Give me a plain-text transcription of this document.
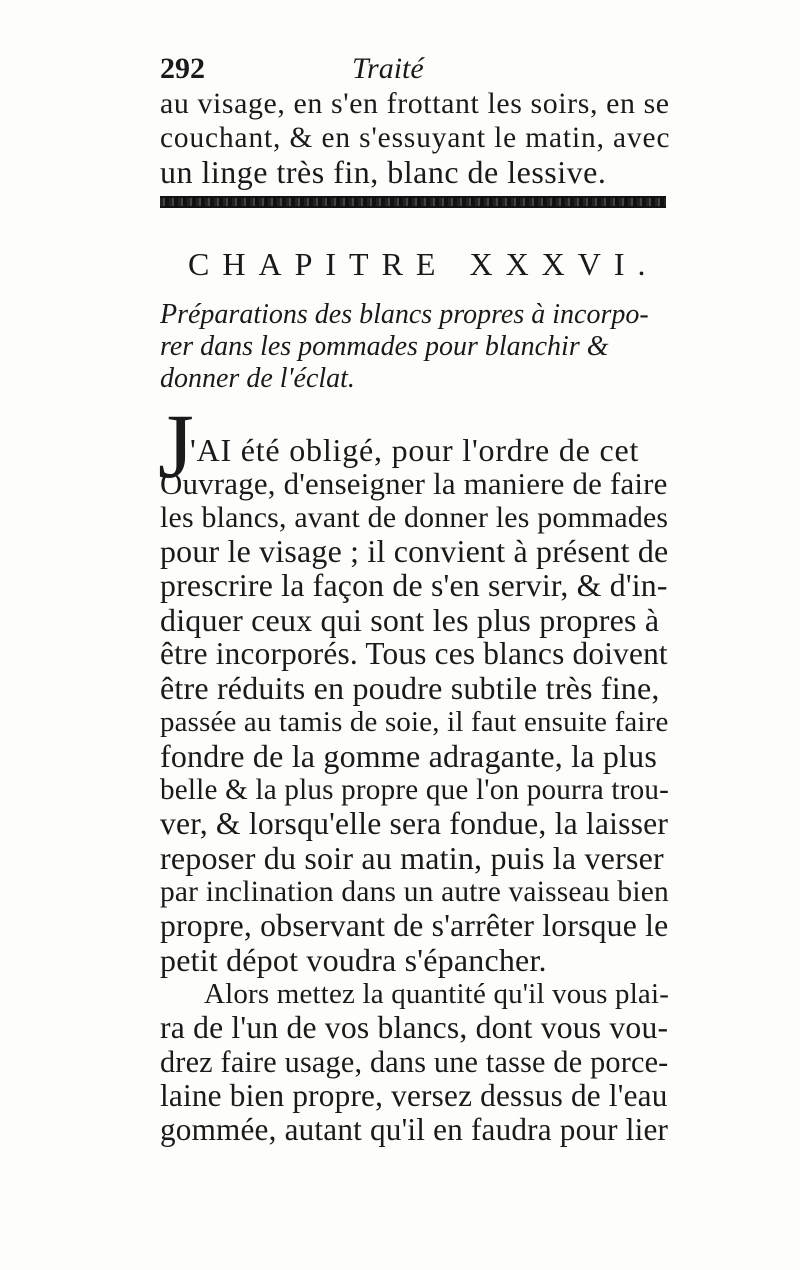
292	Traité
au visage, en s'en frottant les soirs, en se
couchant, & en s'essuyant le matin, avec
un linge très fin, blanc de lessive.
CHAPITRE XXXVI.
Préparations des blancs propres à incorpo-
rer dans les pommades pour blanchir &
donner de l'éclat.
J
'AI été obligé, pour l'ordre de cet
Ouvrage, d'enseigner la maniere de faire
les blancs, avant de donner les pommades
pour le visage ; il convient à présent de
prescrire la façon de s'en servir, & d'in-
diquer ceux qui sont les plus propres à
être incorporés. Tous ces blancs doivent
être réduits en poudre subtile très fine,
passée au tamis de soie, il faut ensuite faire
fondre de la gomme adragante, la plus
belle & la plus propre que l'on pourra trou-
ver, & lorsqu'elle sera fondue, la laisser
reposer du soir au matin, puis la verser
par inclination dans un autre vaisseau bien
propre, observant de s'arrêter lorsque le
petit dépot voudra s'épancher.
Alors mettez la quantité qu'il vous plai-
ra de l'un de vos blancs, dont vous vou-
drez faire usage, dans une tasse de porce-
laine bien propre, versez dessus de l'eau
gommée, autant qu'il en faudra pour lier
